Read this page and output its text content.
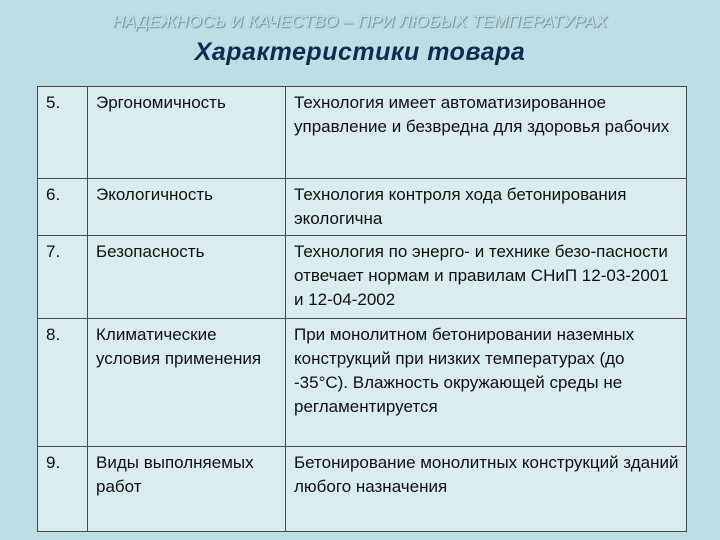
НАДЕЖНОСЬ И КАЧЕСТВО – ПРИ ЛЮБЫХ ТЕМПЕРАТУРАХ
Характеристики товара
5.	Эргономичность	Технология имеет автоматизированное управление и безвредна для здоровья рабочих
6.	Экологичность	Технология контроля хода бетонирования экологична
7.	Безопасность	Технология по энерго- и технике безо-пасности отвечает нормам и правилам СНиП 12-03-2001 и 12-04-2002
8.	Климатические условия применения	При монолитном бетонировании наземных конструкций при низких температурах (до -35°С). Влажность окружающей среды не регламентируется
9.	Виды выполняемых работ	Бетонирование монолитных конструкций зданий любого назначения
